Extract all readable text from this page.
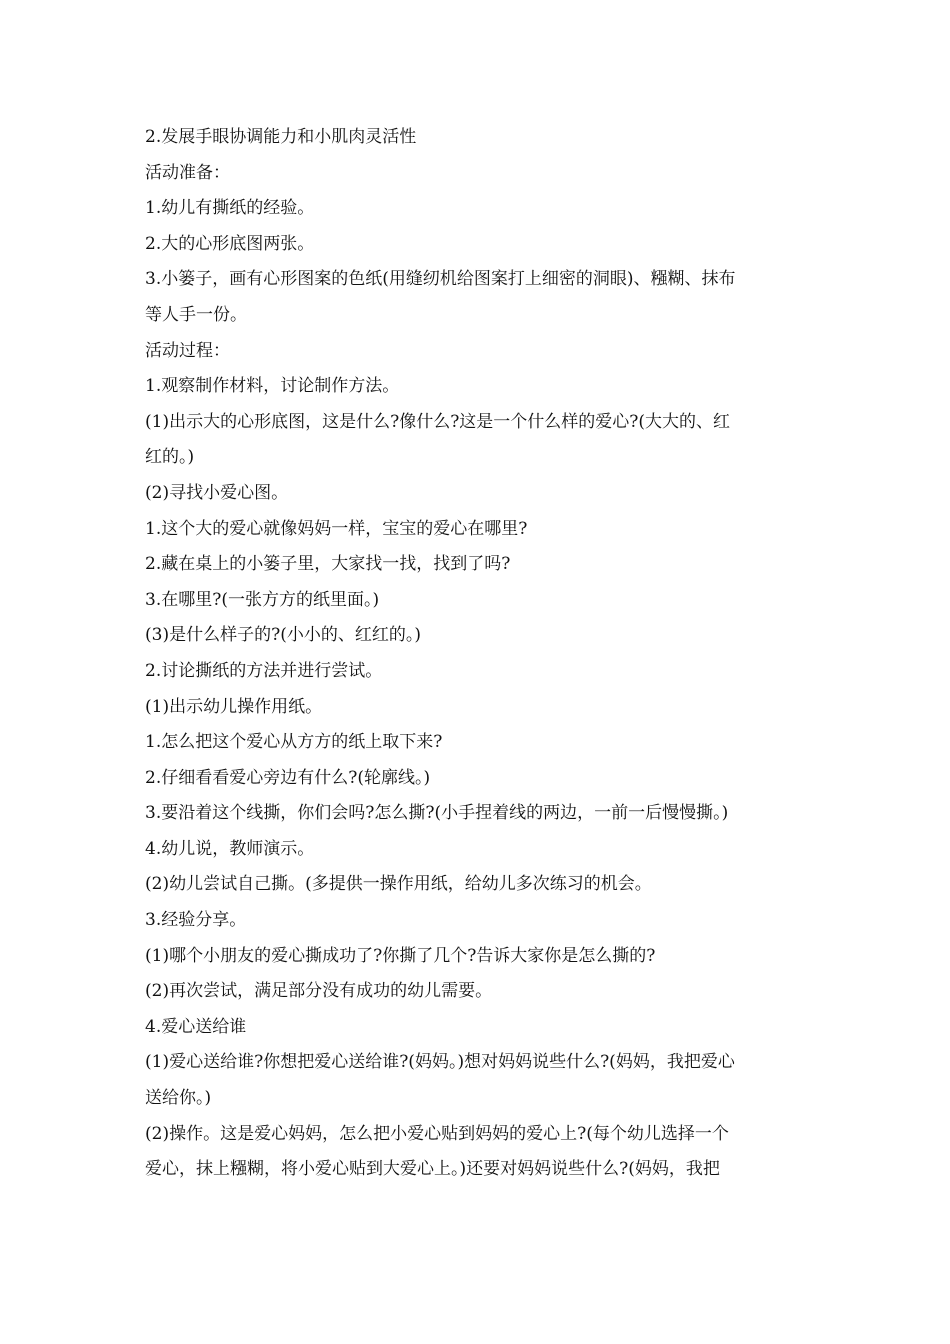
2.发展手眼协调能力和小肌肉灵活性
活动准备：
1.幼儿有撕纸的经验。
2.大的心形底图两张。
3.小篓子，画有心形图案的色纸(用缝纫机给图案打上细密的洞眼)、糨糊、抹布
等人手一份。
活动过程：
1.观察制作材料，讨论制作方法。
(1)出示大的心形底图，这是什么?像什么?这是一个什么样的爱心?(大大的、红
红的。)
(2)寻找小爱心图。
1.这个大的爱心就像妈妈一样，宝宝的爱心在哪里?
2.藏在桌上的小篓子里，大家找一找，找到了吗?
3.在哪里?(一张方方的纸里面。)
(3)是什么样子的?(小小的、红红的。)
2.讨论撕纸的方法并进行尝试。
(1)出示幼儿操作用纸。
1.怎么把这个爱心从方方的纸上取下来?
2.仔细看看爱心旁边有什么?(轮廓线。)
3.要沿着这个线撕，你们会吗?怎么撕?(小手捏着线的两边，一前一后慢慢撕。)
4.幼儿说，教师演示。
(2)幼儿尝试自己撕。(多提供一操作用纸，给幼儿多次练习的机会。
3.经验分享。
(1)哪个小朋友的爱心撕成功了?你撕了几个?告诉大家你是怎么撕的?
(2)再次尝试，满足部分没有成功的幼儿需要。
4.爱心送给谁
(1)爱心送给谁?你想把爱心送给谁?(妈妈。)想对妈妈说些什么?(妈妈，我把爱心
送给你。)
(2)操作。这是爱心妈妈，怎么把小爱心贴到妈妈的爱心上?(每个幼儿选择一个
爱心，抹上糨糊，将小爱心贴到大爱心上。)还要对妈妈说些什么?(妈妈，我把
